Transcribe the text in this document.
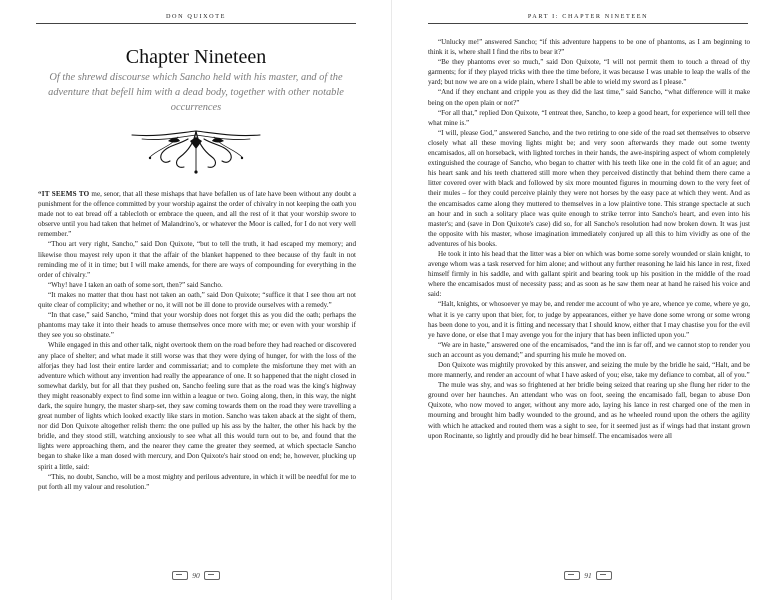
DON QUIXOTE
Chapter Nineteen
Of the shrewd discourse which Sancho held with his master, and of the adventure that befell him with a dead body, together with other notable occurrences

“IT SEEMS TO me, senor, that all these mishaps that have befallen us of late have been without any doubt a punishment for the offence committed by your worship against the order of chivalry in not keeping the oath you made not to eat bread off a tablecloth or embrace the queen, and all the rest of it that your worship swore to observe until you had taken that helmet of Malandrino's, or whatever the Moor is called, for I do not very well remember.”

“Thou art very right, Sancho,” said Don Quixote, “but to tell the truth, it had escaped my memory; and likewise thou mayest rely upon it that the affair of the blanket happened to thee because of thy fault in not reminding me of it in time; but I will make amends, for there are ways of compounding for everything in the order of chivalry.”

“Why! have I taken an oath of some sort, then?” said Sancho.

“It makes no matter that thou hast not taken an oath,” said Don Quixote; “suffice it that I see thou art not quite clear of complicity; and whether or no, it will not be ill done to provide ourselves with a remedy.”

“In that case,” said Sancho, “mind that your worship does not forget this as you did the oath; perhaps the phantoms may take it into their heads to amuse themselves once more with me; or even with your worship if they see you so obstinate.”

While engaged in this and other talk, night overtook them on the road before they had reached or discovered any place of shelter; and what made it still worse was that they were dying of hunger, for with the loss of the alforjas they had lost their entire larder and commissariat; and to complete the misfortune they met with an adventure which without any invention had really the appearance of one. It so happened that the night closed in somewhat darkly, but for all that they pushed on, Sancho feeling sure that as the road was the king's highway they might reasonably expect to find some inn within a league or two. Going along, then, in this way, the night dark, the squire hungry, the master sharp-set, they saw coming towards them on the road they were travelling a great number of lights which looked exactly like stars in motion. Sancho was taken aback at the sight of them, nor did Don Quixote altogether relish them: the one pulled up his ass by the halter, the other his hack by the bridle, and they stood still, watching anxiously to see what all this would turn out to be, and found that the lights were approaching them, and the nearer they came the greater they seemed, at which spectacle Sancho began to shake like a man dosed with mercury, and Don Quixote's hair stood on end; he, however, plucking up spirit a little, said:

“This, no doubt, Sancho, will be a most mighty and perilous adventure, in which it will be needful for me to put forth all my valour and resolution.”

90
PART I: CHAPTER NINETEEN

“Unlucky me!” answered Sancho; “if this adventure happens to be one of phantoms, as I am beginning to think it is, where shall I find the ribs to bear it?”

“Be they phantoms ever so much,” said Don Quixote, “I will not permit them to touch a thread of thy garments; for if they played tricks with thee the time before, it was because I was unable to leap the walls of the yard; but now we are on a wide plain, where I shall be able to wield my sword as I please.”

“And if they enchant and cripple you as they did the last time,” said Sancho, “what difference will it make being on the open plain or not?”

“For all that,” replied Don Quixote, “I entreat thee, Sancho, to keep a good heart, for experience will tell thee what mine is.”

“I will, please God,” answered Sancho, and the two retiring to one side of the road set themselves to observe closely what all these moving lights might be; and very soon afterwards they made out some twenty encamisados, all on horseback, with lighted torches in their hands, the awe-inspiring aspect of whom completely extinguished the courage of Sancho, who began to chatter with his teeth like one in the cold fit of an ague; and his heart sank and his teeth chattered still more when they perceived distinctly that behind them there came a litter covered over with black and followed by six more mounted figures in mourning down to the very feet of their mules – for they could perceive plainly they were not horses by the easy pace at which they went. And as the encamisados came along they muttered to themselves in a low plaintive tone. This strange spectacle at such an hour and in such a solitary place was quite enough to strike terror into Sancho's heart, and even into his master's; and (save in Don Quixote's case) did so, for all Sancho's resolution had now broken down. It was just the opposite with his master, whose imagination immediately conjured up all this to him vividly as one of the adventures of his books.

He took it into his head that the litter was a bier on which was borne some sorely wounded or slain knight, to avenge whom was a task reserved for him alone; and without any further reasoning he laid his lance in rest, fixed himself firmly in his saddle, and with gallant spirit and bearing took up his position in the middle of the road where the encamisados must of necessity pass; and as soon as he saw them near at hand he raised his voice and said:

“Halt, knights, or whosoever ye may be, and render me account of who ye are, whence ye come, where ye go, what it is ye carry upon that bier, for, to judge by appearances, either ye have done some wrong or some wrong has been done to you, and it is fitting and necessary that I should know, either that I may chastise you for the evil ye have done, or else that I may avenge you for the injury that has been inflicted upon you.”

“We are in haste,” answered one of the encamisados, “and the inn is far off, and we cannot stop to render you such an account as you demand;” and spurring his mule he moved on.

Don Quixote was mightily provoked by this answer, and seizing the mule by the bridle he said, “Halt, and be more mannerly, and render an account of what I have asked of you; else, take my defiance to combat, all of you.”

The mule was shy, and was so frightened at her bridle being seized that rearing up she flung her rider to the ground over her haunches. An attendant who was on foot, seeing the encamisado fall, began to abuse Don Quixote, who now moved to anger, without any more ado, laying his lance in rest charged one of the men in mourning and brought him badly wounded to the ground, and as he wheeled round upon the others the agility with which he attacked and routed them was a sight to see, for it seemed just as if wings had that instant grown upon Rocinante, so lightly and proudly did he bear himself. The encamisados were all

91
